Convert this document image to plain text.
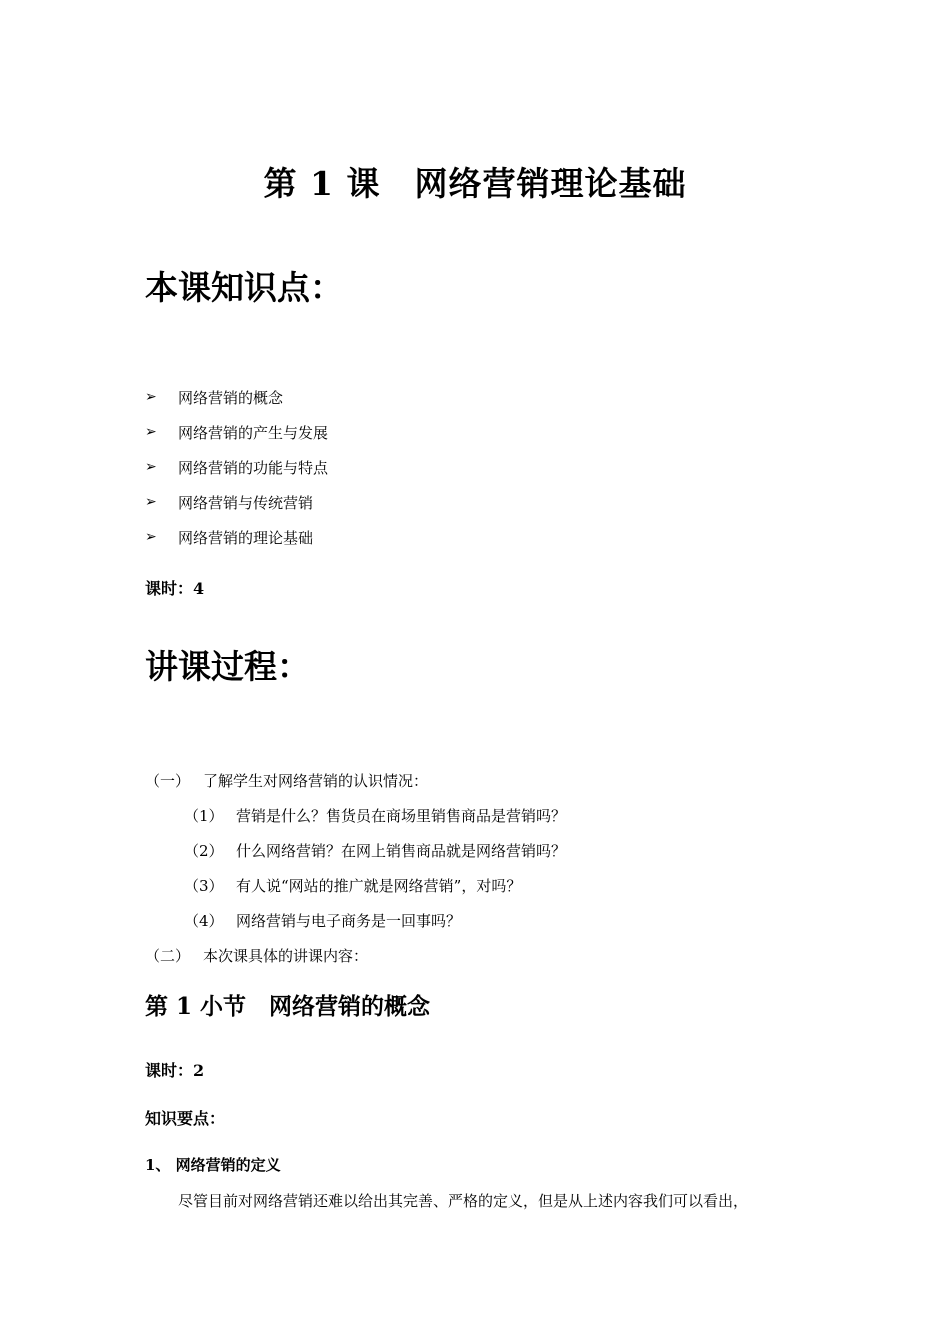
第 1 课　网络营销理论基础
本课知识点：
➢ 网络营销的概念
➢ 网络营销的产生与发展
➢ 网络营销的功能与特点
➢ 网络营销与传统营销
➢ 网络营销的理论基础
课时：4
讲课过程：
（一） 了解学生对网络营销的认识情况：
（1） 营销是什么？售货员在商场里销售商品是营销吗？
（2） 什么网络营销？在网上销售商品就是网络营销吗？
（3） 有人说“网站的推广就是网络营销”，对吗？
（4） 网络营销与电子商务是一回事吗？
（二） 本次课具体的讲课内容：
第 1 小节　网络营销的概念
课时：2
知识要点：
1、 网络营销的定义
尽管目前对网络营销还难以给出其完善、严格的定义，但是从上述内容我们可以看出，
